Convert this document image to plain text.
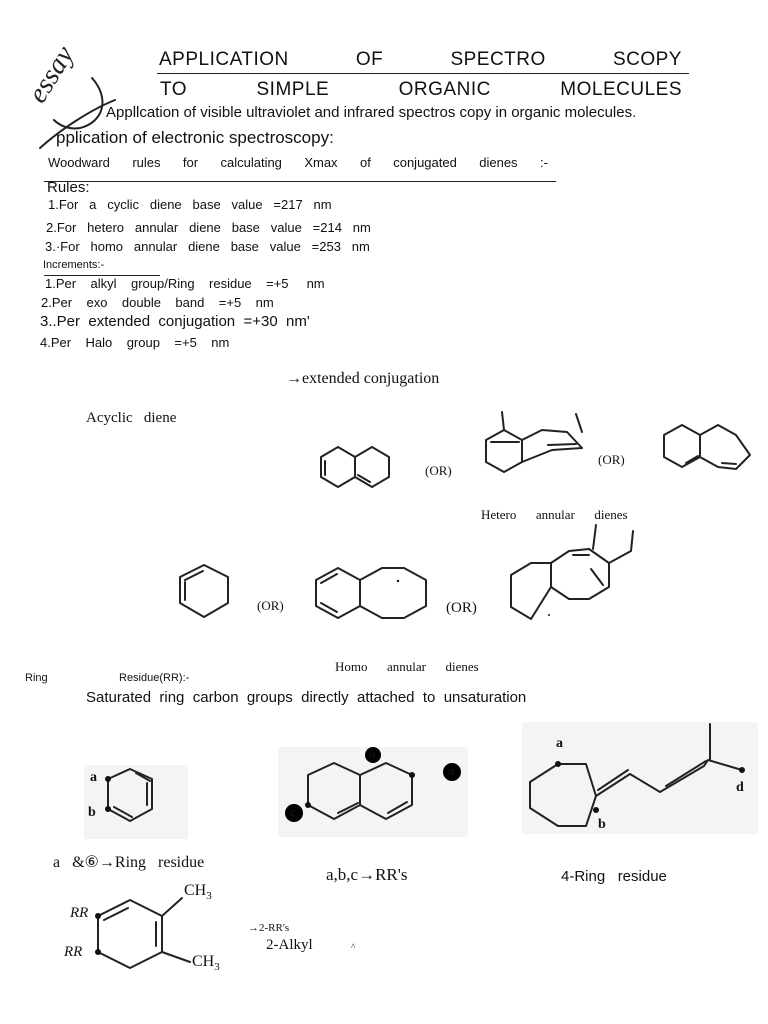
APPLICATION	OF	SPECTRO	SCOPY
TO	SIMPLE	ORGANIC	MOLECULES
essay
Appllcation of visible ultraviolet and infrared spectros copy in organic molecules.
pplication of electronic spectroscopy:
Woodward rules for calculating Xmax of conjugated dienes :-
Rules:
1.For   a   cyclic   diene   base   value   =217   nm
2.For   hetero   annular   diene   base   value   =214   nm
3.·For   homo   annular   diene   base   value   =253   nm
Increments:-
1.Per    alkyl    group/Ring    residue    =+5     nm
2.Per    exo    double    band    =+5    nm
3..Per  extended  conjugation  =+30  nm'
4.Per    Halo    group    =+5    nm
→extended conjugation
Acyclic   diene
(OR)
(OR)
Hetero      annular      dienes
(OR)	(OR)
Homo      annular      dienes
Ring	Residue(RR):-
Saturated  ring  carbon  groups  directly  attached  to  unsaturation
a
b
a
c
u
a
b
d
a   &⑥→Ring   residue
a,b,c→RR's	4-Ring   residue
RR
RR
$CH_3$
$CH_3$
→2-RR's
2-Alkyl	^
